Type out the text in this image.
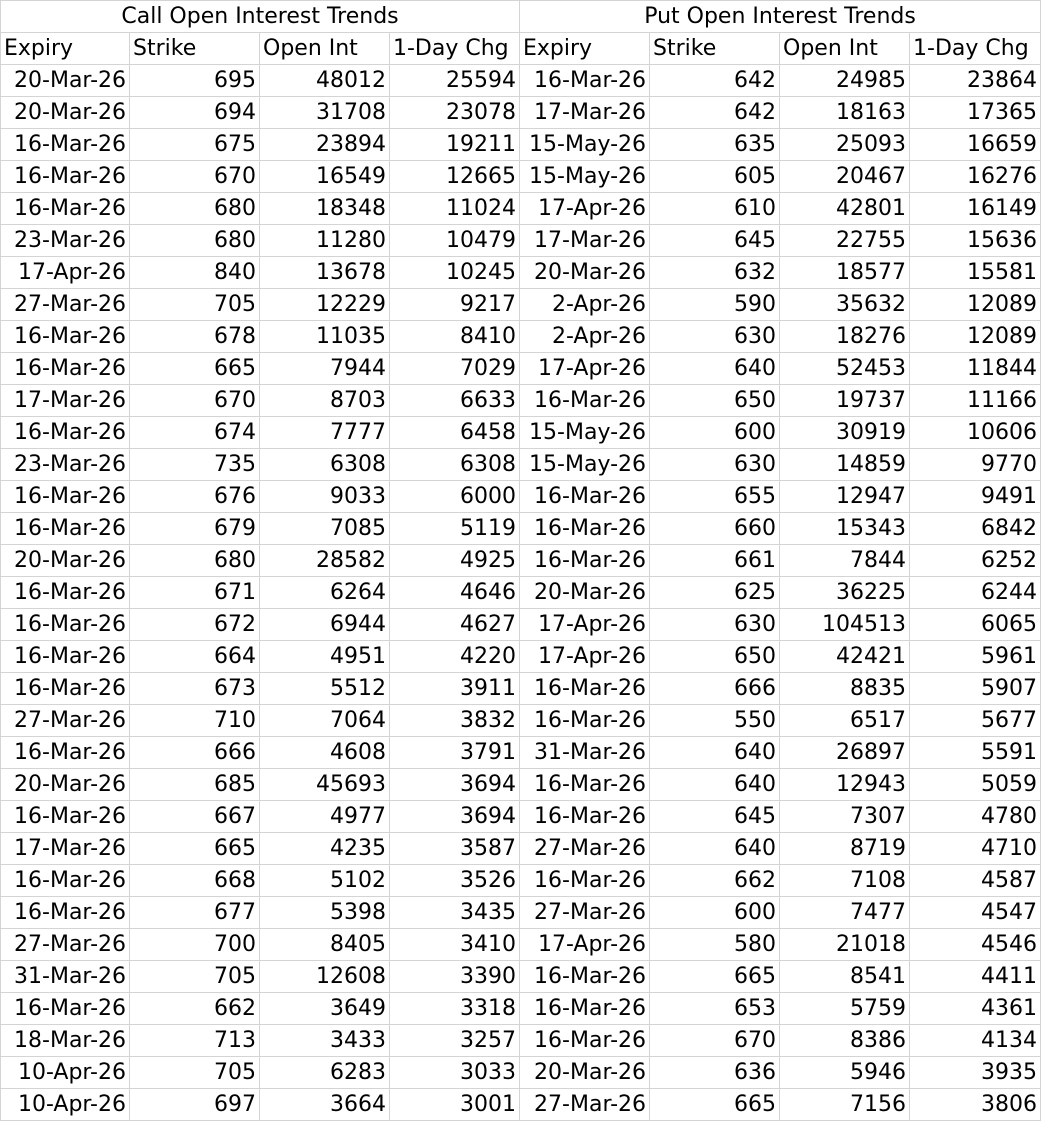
Call Open Interest Trends				Put Open Interest Trends			
Expiry	Strike	Open Int	1-Day Chg	Expiry	Strike	Open Int	1-Day Chg
20-Mar-26	695	48012	25594	16-Mar-26	642	24985	23864
20-Mar-26	694	31708	23078	17-Mar-26	642	18163	17365
16-Mar-26	675	23894	19211	15-May-26	635	25093	16659
16-Mar-26	670	16549	12665	15-May-26	605	20467	16276
16-Mar-26	680	18348	11024	17-Apr-26	610	42801	16149
23-Mar-26	680	11280	10479	17-Mar-26	645	22755	15636
17-Apr-26	840	13678	10245	20-Mar-26	632	18577	15581
27-Mar-26	705	12229	9217	2-Apr-26	590	35632	12089
16-Mar-26	678	11035	8410	2-Apr-26	630	18276	12089
16-Mar-26	665	7944	7029	17-Apr-26	640	52453	11844
17-Mar-26	670	8703	6633	16-Mar-26	650	19737	11166
16-Mar-26	674	7777	6458	15-May-26	600	30919	10606
23-Mar-26	735	6308	6308	15-May-26	630	14859	9770
16-Mar-26	676	9033	6000	16-Mar-26	655	12947	9491
16-Mar-26	679	7085	5119	16-Mar-26	660	15343	6842
20-Mar-26	680	28582	4925	16-Mar-26	661	7844	6252
16-Mar-26	671	6264	4646	20-Mar-26	625	36225	6244
16-Mar-26	672	6944	4627	17-Apr-26	630	104513	6065
16-Mar-26	664	4951	4220	17-Apr-26	650	42421	5961
16-Mar-26	673	5512	3911	16-Mar-26	666	8835	5907
27-Mar-26	710	7064	3832	16-Mar-26	550	6517	5677
16-Mar-26	666	4608	3791	31-Mar-26	640	26897	5591
20-Mar-26	685	45693	3694	16-Mar-26	640	12943	5059
16-Mar-26	667	4977	3694	16-Mar-26	645	7307	4780
17-Mar-26	665	4235	3587	27-Mar-26	640	8719	4710
16-Mar-26	668	5102	3526	16-Mar-26	662	7108	4587
16-Mar-26	677	5398	3435	27-Mar-26	600	7477	4547
27-Mar-26	700	8405	3410	17-Apr-26	580	21018	4546
31-Mar-26	705	12608	3390	16-Mar-26	665	8541	4411
16-Mar-26	662	3649	3318	16-Mar-26	653	5759	4361
18-Mar-26	713	3433	3257	16-Mar-26	670	8386	4134
10-Apr-26	705	6283	3033	20-Mar-26	636	5946	3935
10-Apr-26	697	3664	3001	27-Mar-26	665	7156	3806
